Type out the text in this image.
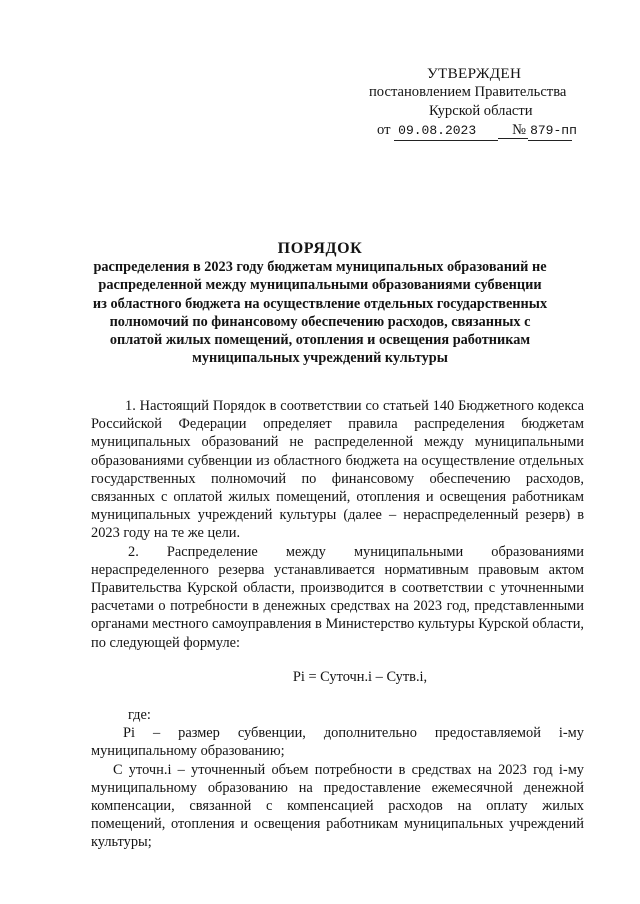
УТВЕРЖДЕН
постановлением Правительства
Курской области
от 09.08.2023 № 879-пп
ПОРЯДОК
распределения в 2023 году бюджетам муниципальных образований не
распределенной между муниципальными образованиями субвенции
из областного бюджета на осуществление отдельных государственных
полномочий по финансовому обеспечению расходов, связанных с
оплатой жилых помещений, отопления и освещения работникам
муниципальных учреждений культуры

1. Настоящий Порядок в соответствии со статьей 140 Бюджетного кодекса Российской Федерации определяет правила распределения бюджетам муниципальных образований не распределенной между муниципальными образованиями субвенции из областного бюджета на осуществление отдельных государственных полномочий по финансовому обеспечению расходов, связанных с оплатой жилых помещений, отопления и освещения работникам муниципальных учреждений культуры (далее – нераспределенный резерв) в 2023 году на те же цели.

2. Распределение между муниципальными образованиями нераспределенного резерва устанавливается нормативным правовым актом Правительства Курской области, производится в соответствии с уточненными расчетами о потребности в денежных средствах на 2023 год, представленными органами местного самоуправления в Министерство культуры Курской области, по следующей формуле:

Pi = Суточн.i – Сутв.i,

где:

Pi – размер субвенции, дополнительно предоставляемой i-му муниципальному образованию;

С уточн.i – уточненный объем потребности в средствах на 2023 год i-му муниципальному образованию на предоставление ежемесячной денежной компенсации, связанной с компенсацией расходов на оплату жилых помещений, отопления и освещения работникам муниципальных учреждений культуры;
